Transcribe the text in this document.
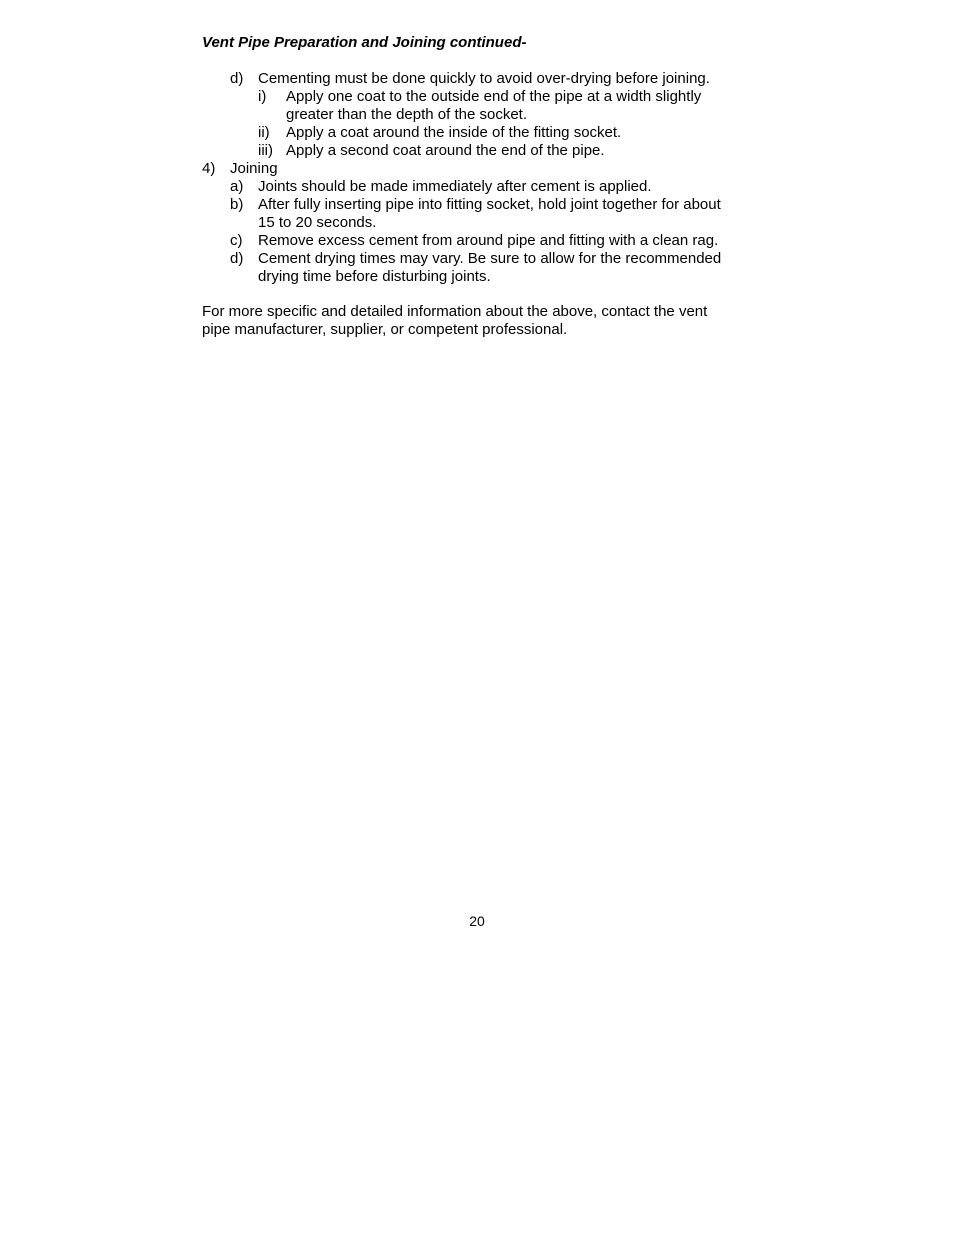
Vent Pipe Preparation and Joining continued-
d) Cementing must be done quickly to avoid over-drying before joining.
i) Apply one coat to the outside end of the pipe at a width slightly
greater than the depth of the socket.
ii) Apply a coat around the inside of the fitting socket.
iii) Apply a second coat around the end of the pipe.
4) Joining
a) Joints should be made immediately after cement is applied.
b) After fully inserting pipe into fitting socket, hold joint together for about
15 to 20 seconds.
c) Remove excess cement from around pipe and fitting with a clean rag.
d) Cement drying times may vary. Be sure to allow for the recommended
drying time before disturbing joints.
For more specific and detailed information about the above, contact the vent
pipe manufacturer, supplier, or competent professional.
20
